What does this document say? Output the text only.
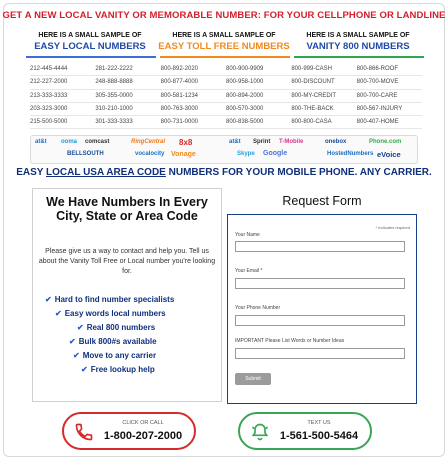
GET A NEW LOCAL VANITY OR MEMORABLE NUMBER: FOR YOUR CELLPHONE OR LANDLINE
HERE IS A SMALL SAMPLE OF
EASY LOCAL NUMBERS
HERE IS A SMALL SAMPLE OF
EASY TOLL FREE NUMBERS
HERE IS A SMALL SAMPLE OF
VANITY 800 NUMBERS
212-445-4444	281-222-2222	800-892-2020	800-900-9909	800-999-CASH	800-866-ROOF
212-227-2000	248-888-8888	800-877-4000	800-958-1000	800-DISCOUNT	800-700-MOVE
213-333-3333	305-355-0000	800-581-1234	800-894-2000	800-MY-CREDIT	800-700-CARE
203-323-3000	310-210-1000	800-763-3000	800-570-3000	800-THE-BACK	800-567-INJURY
215-500-5000	301-333-3333	800-731-0000	800-838-5000	800-800-CASA	800-407-HOME
at&t ooma comcast
BELLSOUTH
RingCentral 8x8
vocalocity Vonage
at&t Sprint T-Mobile
Google
Skype
onebox	Phone.com
HostedNumbers eVoice
EASY LOCAL USA AREA CODE NUMBERS FOR YOUR MOBILE PHONE. ANY CARRIER.
We Have Numbers In Every City, State or Area Code
Please give us a way to contact and help you. Tell us about the Vanity Toll Free or Local number you're looking for.
✔ Hard to find number specialists
✔ Easy words local numbers
✔ Real 800 numbers
✔ Bulk 800#s available
✔ Move to any carrier
✔ Free lookup help
Request Form
* Indicates required
Your Name
Your Email *
Your Phone Number
IMPORTANT Please List Words or Number Ideas
Submit
CLICK OR CALL
1-800-207-2000
TEXT US
1-561-500-5464
